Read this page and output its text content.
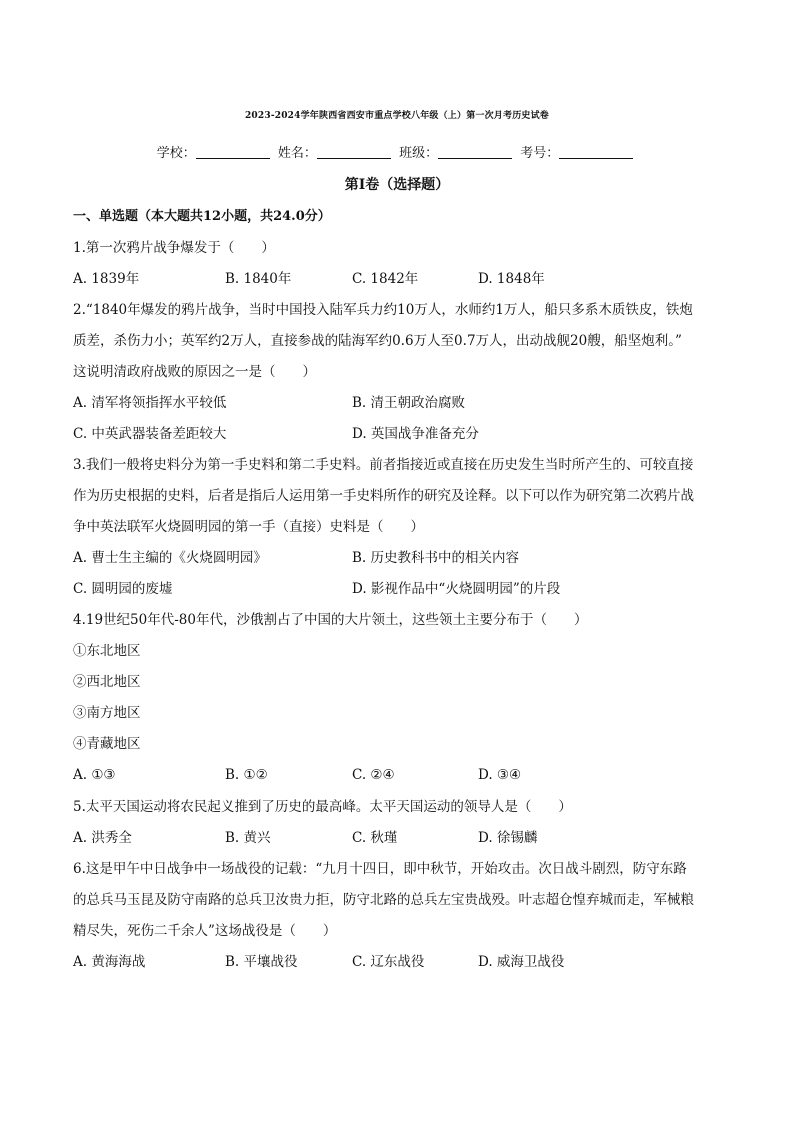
2023-2024学年陕西省西安市重点学校八年级（上）第一次月考历史试卷
学校：	姓名：	班级：	考号：
第I卷（选择题）
一、单选题（本大题共12小题，共24.0分）
1.第一次鸦片战争爆发于（　　）
A. 1839年	B. 1840年	C. 1842年	D. 1848年
2.“1840年爆发的鸦片战争，当时中国投入陆军兵力约10万人，水师约1万人，船只多系木质铁皮，铁炮
质差，杀伤力小；英军约2万人，直接参战的陆海军约0.6万人至0.7万人，出动战舰20艘，船坚炮利。”
这说明清政府战败的原因之一是（　　）
A. 清军将领指挥水平较低	B. 清王朝政治腐败
C. 中英武器装备差距较大	D. 英国战争准备充分
3.我们一般将史料分为第一手史料和第二手史料。前者指接近或直接在历史发生当时所产生的、可较直接
作为历史根据的史料，后者是指后人运用第一手史料所作的研究及诠释。以下可以作为研究第二次鸦片战
争中英法联军火烧圆明园的第一手（直接）史料是（　　）
A. 曹士生主编的《火烧圆明园》	B. 历史教科书中的相关内容
C. 圆明园的废墟	D. 影视作品中“火烧圆明园”的片段
4.19世纪50年代-80年代，沙俄割占了中国的大片领土，这些领土主要分布于（　　）
①东北地区
②西北地区
③南方地区
④青藏地区
A. ①③	B. ①②	C. ②④	D. ③④
5.太平天国运动将农民起义推到了历史的最高峰。太平天国运动的领导人是（　　）
A. 洪秀全	B. 黄兴	C. 秋瑾	D. 徐锡麟
6.这是甲午中日战争中一场战役的记载：“九月十四日，即中秋节，开始攻击。次日战斗剧烈，防守东路
的总兵马玉昆及防守南路的总兵卫汝贵力拒，防守北路的总兵左宝贵战殁。叶志超仓惶弃城而走，军械粮
精尽失，死伤二千余人”这场战役是（　　）
A. 黄海海战	B. 平壤战役	C. 辽东战役	D. 威海卫战役
